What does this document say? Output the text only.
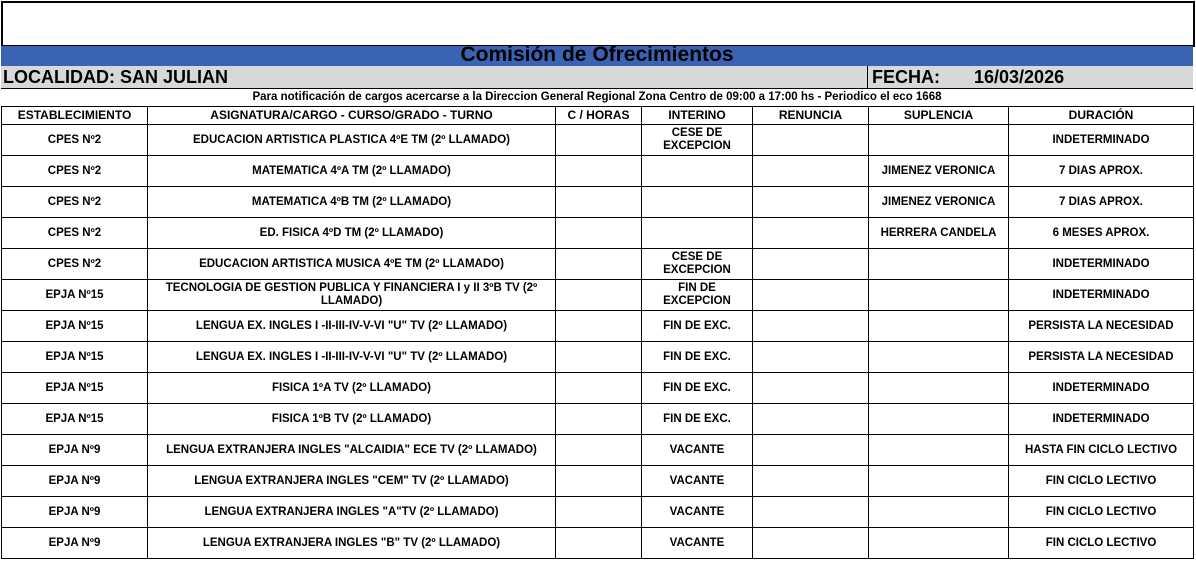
Comisión de Ofrecimientos
LOCALIDAD: SAN JULIAN	FECHA: 16/03/2026
Para notificación de cargos acercarse a la Direccion General Regional Zona Centro de 09:00 a 17:00 hs - Periodico el eco 1668
ESTABLECIMIENTO	ASIGNATURA/CARGO - CURSO/GRADO - TURNO	C / HORAS	INTERINO	RENUNCIA	SUPLENCIA	DURACIÓN
CPES Nº2	EDUCACION ARTISTICA PLASTICA 4ºE TM (2º LLAMADO)		CESE DE EXCEPCION			INDETERMINADO
CPES Nº2	MATEMATICA 4ºA TM (2º LLAMADO)				JIMENEZ VERONICA	7 DIAS APROX.
CPES Nº2	MATEMATICA 4ºB TM (2º LLAMADO)				JIMENEZ VERONICA	7 DIAS APROX.
CPES Nº2	ED. FISICA 4ºD TM (2º LLAMADO)				HERRERA CANDELA	6 MESES APROX.
CPES Nº2	EDUCACION ARTISTICA MUSICA 4ºE TM (2º LLAMADO)		CESE DE EXCEPCION			INDETERMINADO
EPJA Nº15	TECNOLOGIA DE GESTION PUBLICA Y FINANCIERA I y II 3ºB TV (2º LLAMADO)		FIN DE EXCEPCION			INDETERMINADO
EPJA Nº15	LENGUA EX. INGLES I -II-III-IV-V-VI "U" TV (2º LLAMADO)		FIN DE EXC.			PERSISTA LA NECESIDAD
EPJA Nº15	LENGUA EX. INGLES I -II-III-IV-V-VI "U" TV (2º LLAMADO)		FIN DE EXC.			PERSISTA LA NECESIDAD
EPJA Nº15	FISICA 1ºA TV (2º LLAMADO)		FIN DE EXC.			INDETERMINADO
EPJA Nº15	FISICA 1ºB TV (2º LLAMADO)		FIN DE EXC.			INDETERMINADO
EPJA Nº9	LENGUA EXTRANJERA INGLES "ALCAIDIA" ECE TV (2º LLAMADO)		VACANTE			HASTA FIN CICLO LECTIVO
EPJA Nº9	LENGUA EXTRANJERA INGLES "CEM" TV (2º LLAMADO)		VACANTE			FIN CICLO LECTIVO
EPJA Nº9	LENGUA EXTRANJERA INGLES "A"TV (2º LLAMADO)		VACANTE			FIN CICLO LECTIVO
EPJA Nº9	LENGUA EXTRANJERA INGLES "B" TV (2º LLAMADO)		VACANTE			FIN CICLO LECTIVO
